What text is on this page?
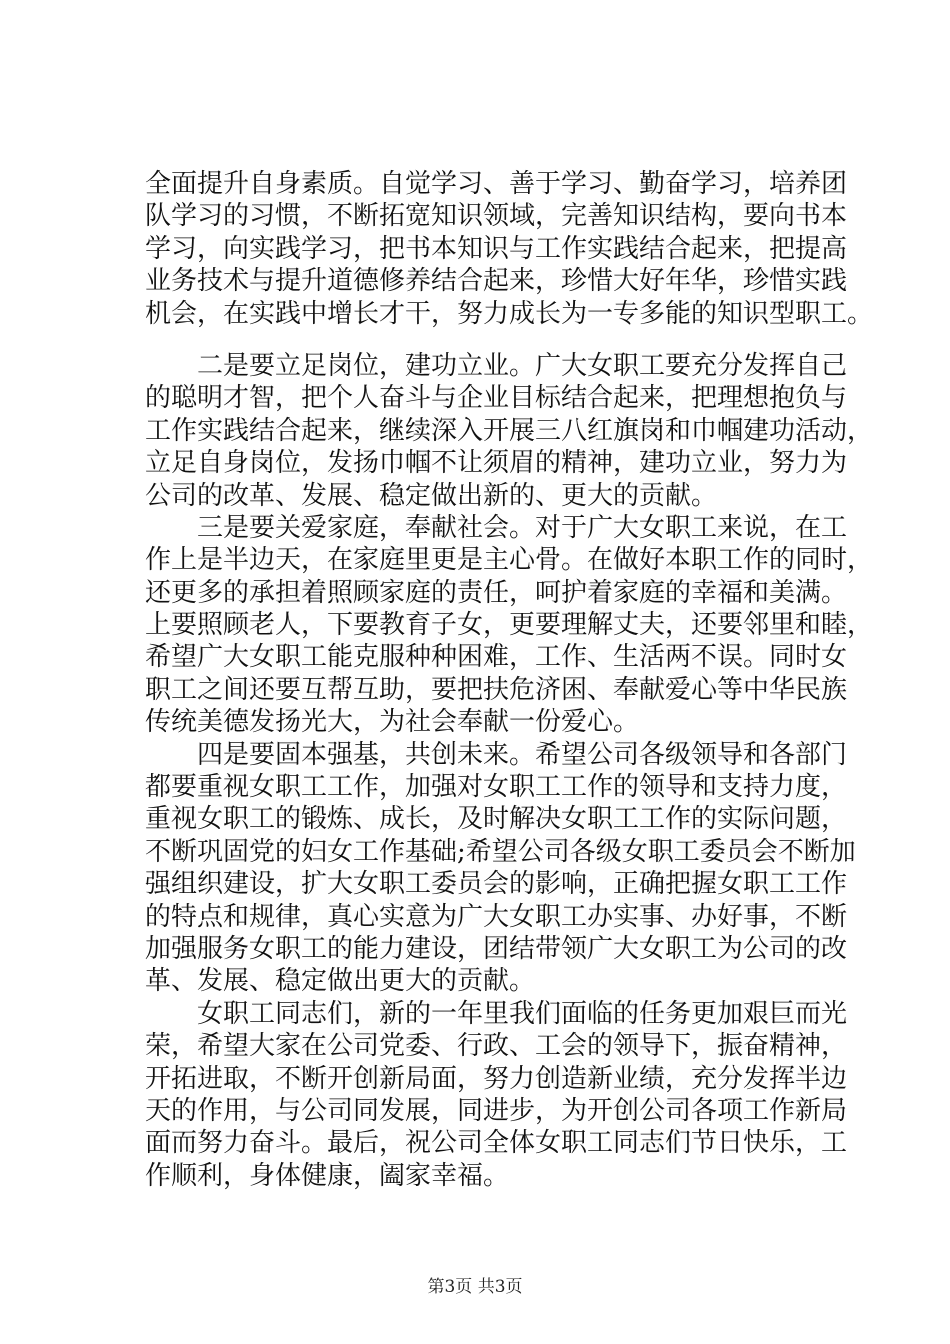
全面提升自身素质。自觉学习、善于学习、勤奋学习，培养团
队学习的习惯，不断拓宽知识领域，完善知识结构，要向书本
学习，向实践学习，把书本知识与工作实践结合起来，把提高
业务技术与提升道德修养结合起来，珍惜大好年华，珍惜实践
机会，在实践中增长才干，努力成长为一专多能的知识型职工。
　　二是要立足岗位，建功立业。广大女职工要充分发挥自己
的聪明才智，把个人奋斗与企业目标结合起来，把理想抱负与
工作实践结合起来，继续深入开展三八红旗岗和巾帼建功活动，
立足自身岗位，发扬巾帼不让须眉的精神，建功立业，努力为
公司的改革、发展、稳定做出新的、更大的贡献。
　　三是要关爱家庭，奉献社会。对于广大女职工来说，在工
作上是半边天，在家庭里更是主心骨。在做好本职工作的同时，
还更多的承担着照顾家庭的责任，呵护着家庭的幸福和美满。
上要照顾老人，下要教育子女，更要理解丈夫，还要邻里和睦，
希望广大女职工能克服种种困难，工作、生活两不误。同时女
职工之间还要互帮互助，要把扶危济困、奉献爱心等中华民族
传统美德发扬光大，为社会奉献一份爱心。
　　四是要固本强基，共创未来。希望公司各级领导和各部门
都要重视女职工工作，加强对女职工工作的领导和支持力度，
重视女职工的锻炼、成长，及时解决女职工工作的实际问题，
不断巩固党的妇女工作基础;希望公司各级女职工委员会不断加
强组织建设，扩大女职工委员会的影响，正确把握女职工工作
的特点和规律，真心实意为广大女职工办实事、办好事，不断
加强服务女职工的能力建设，团结带领广大女职工为公司的改
革、发展、稳定做出更大的贡献。
　　女职工同志们，新的一年里我们面临的任务更加艰巨而光
荣，希望大家在公司党委、行政、工会的领导下，振奋精神，
开拓进取，不断开创新局面，努力创造新业绩，充分发挥半边
天的作用，与公司同发展，同进步，为开创公司各项工作新局
面而努力奋斗。最后，祝公司全体女职工同志们节日快乐，工
作顺利，身体健康，阖家幸福。
第3页 共3页
